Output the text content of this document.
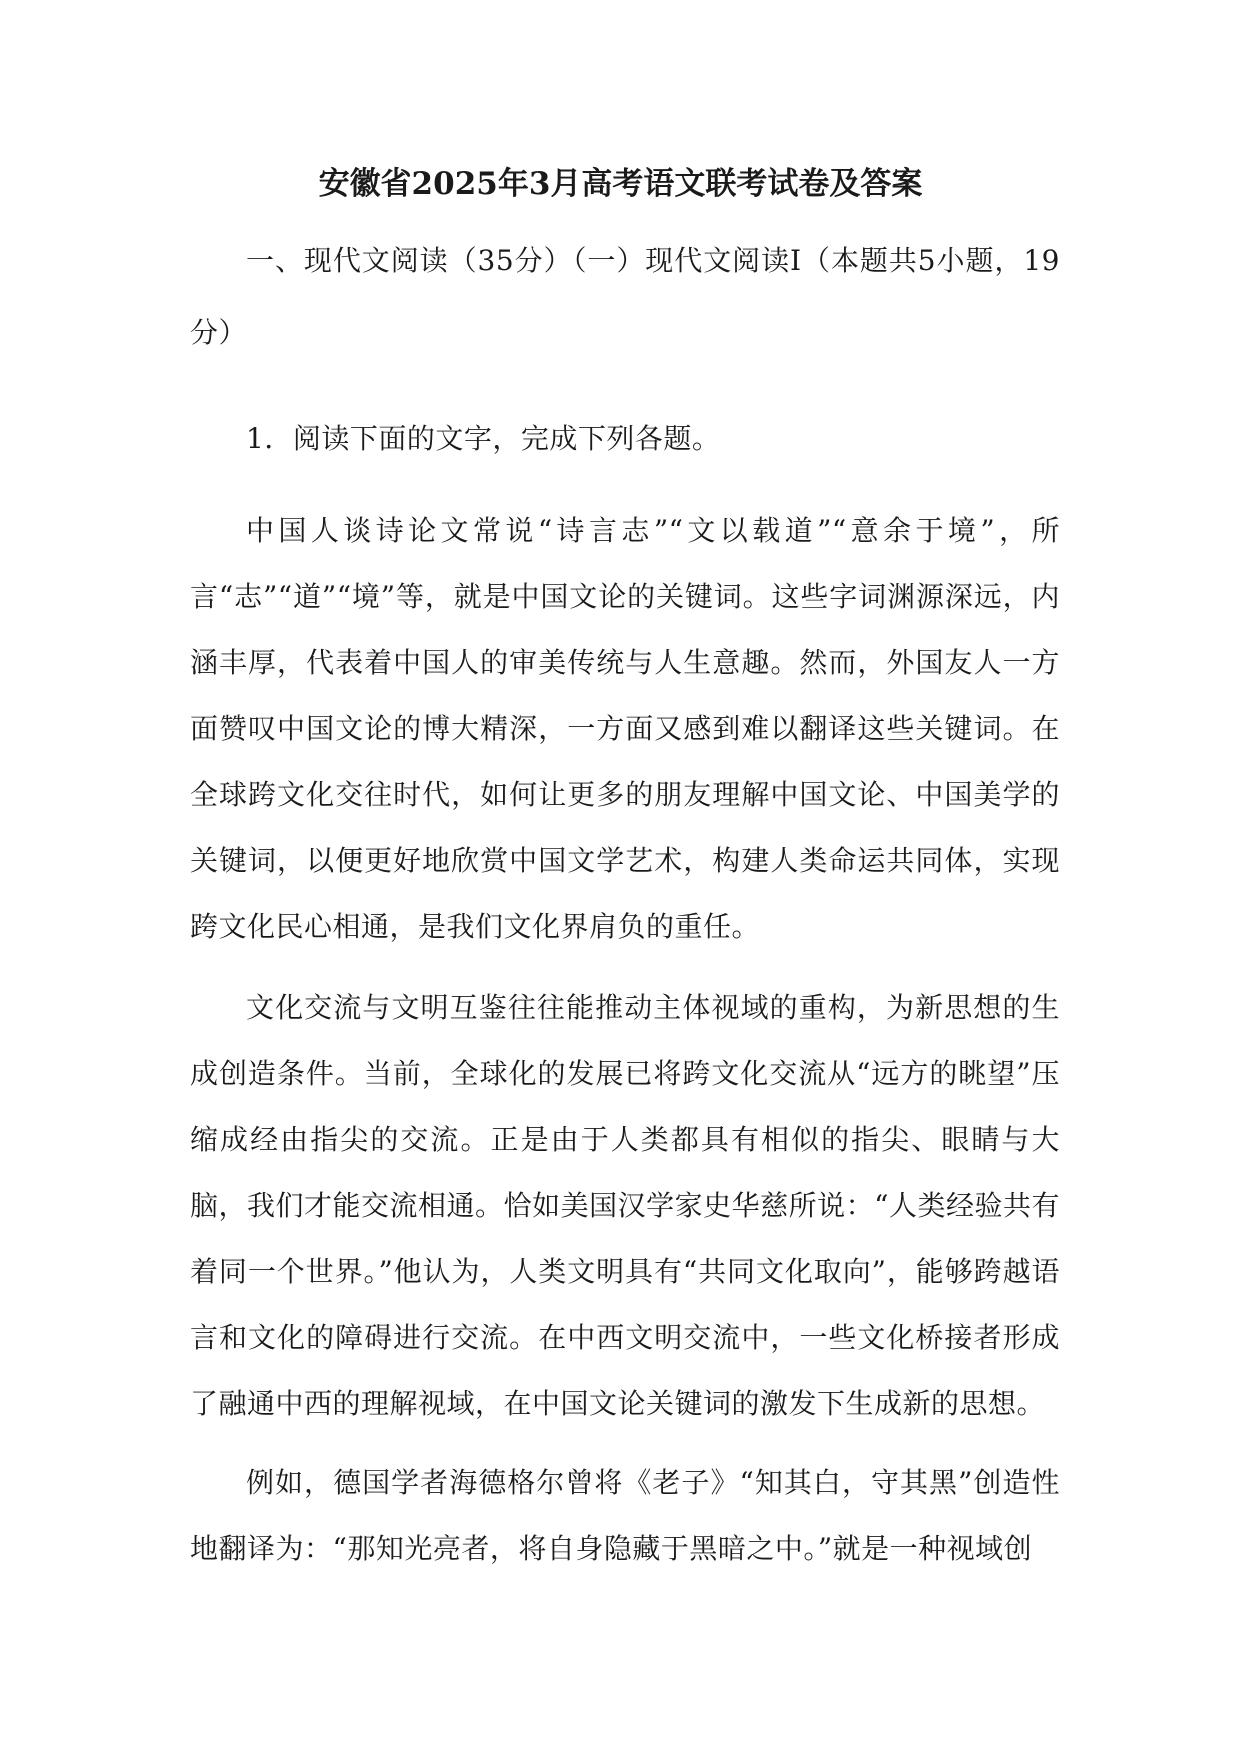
安徽省2025年3月高考语文联考试卷及答案

一、现代文阅读（35分）（一）现代文阅读I（本题共5小题，19分）

1．阅读下面的文字，完成下列各题。

中国人谈诗论文常说“诗言志”“文以载道”“意余于境”，所言“志”“道”“境”等，就是中国文论的关键词。这些字词渊源深远，内涵丰厚，代表着中国人的审美传统与人生意趣。然而，外国友人一方面赞叹中国文论的博大精深，一方面又感到难以翻译这些关键词。在全球跨文化交往时代，如何让更多的朋友理解中国文论、中国美学的关键词，以便更好地欣赏中国文学艺术，构建人类命运共同体，实现跨文化民心相通，是我们文化界肩负的重任。

文化交流与文明互鉴往往能推动主体视域的重构，为新思想的生成创造条件。当前，全球化的发展已将跨文化交流从“远方的眺望”压缩成经由指尖的交流。正是由于人类都具有相似的指尖、眼睛与大脑，我们才能交流相通。恰如美国汉学家史华慈所说：“人类经验共有着同一个世界。”他认为，人类文明具有“共同文化取向”，能够跨越语言和文化的障碍进行交流。在中西文明交流中，一些文化桥接者形成了融通中西的理解视域，在中国文论关键词的激发下生成新的思想。

例如，德国学者海德格尔曾将《老子》“知其白，守其黑”创造性地翻译为：“那知光亮者，将自身隐藏于黑暗之中。”就是一种视域创
